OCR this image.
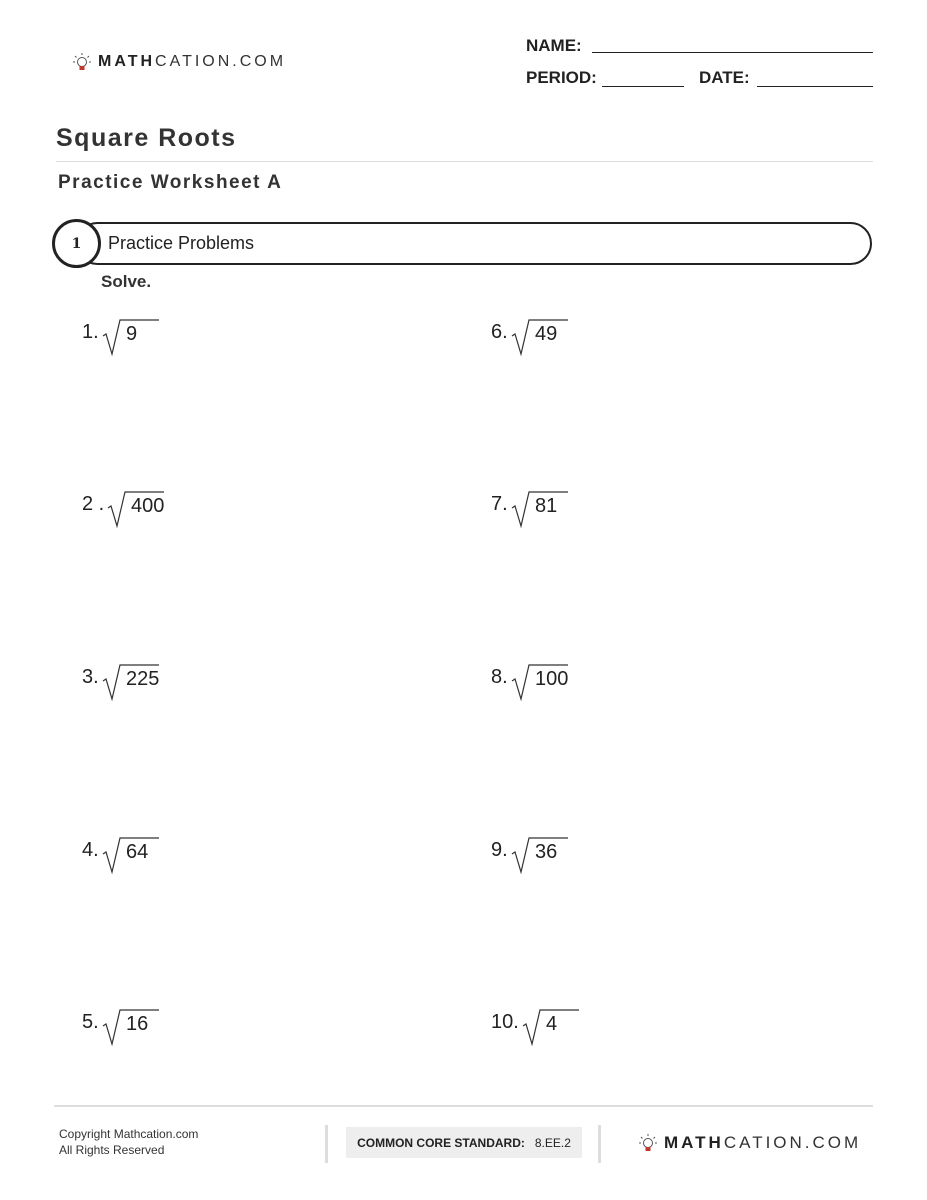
MATH CATION.COM
NAME:
PERIOD:	DATE:
Square Roots
Practice Worksheet A
1	Practice Problems
Solve.
1. 9
2 . 400
3. 225
4. 64
5. 16
6. 49
7. 81
8. 100
9. 36
10. 4
Copyright Mathcation.com
All Rights Reserved
COMMON CORE STANDARD: 8.EE.2	MATH CATION.COM
